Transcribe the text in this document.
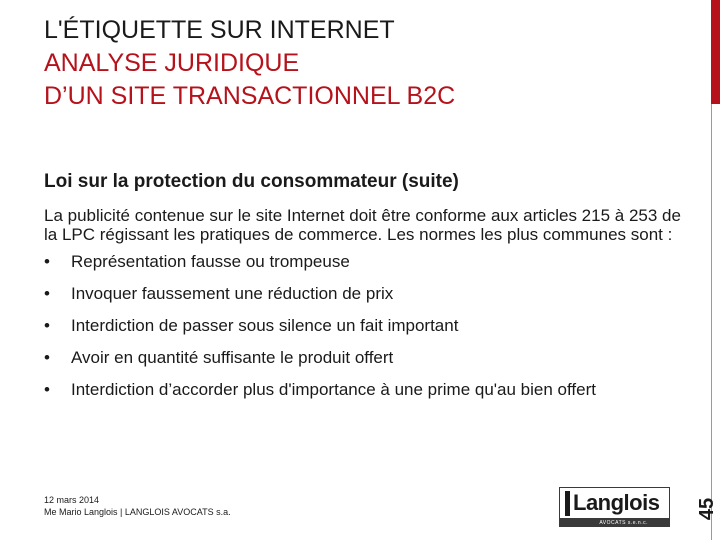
L'ÉTIQUETTE SUR INTERNET
ANALYSE JURIDIQUE
D’UN SITE TRANSACTIONNEL B2C
45
Loi sur la protection du consommateur (suite)
La publicité contenue sur le site Internet doit être conforme aux articles 215 à 253 de la LPC régissant les pratiques de commerce. Les normes les plus communes sont :
•	Représentation fausse ou trompeuse
•	Invoquer faussement une réduction de prix
•	Interdiction de passer sous silence un fait important
•	Avoir en quantité suffisante le produit offert
•	Interdiction d’accorder plus d'importance à une prime qu'au bien offert
12 mars 2014
Me Mario Langlois | LANGLOIS AVOCATS s.a.	Langlois
AVOCATS s.e.n.c.
